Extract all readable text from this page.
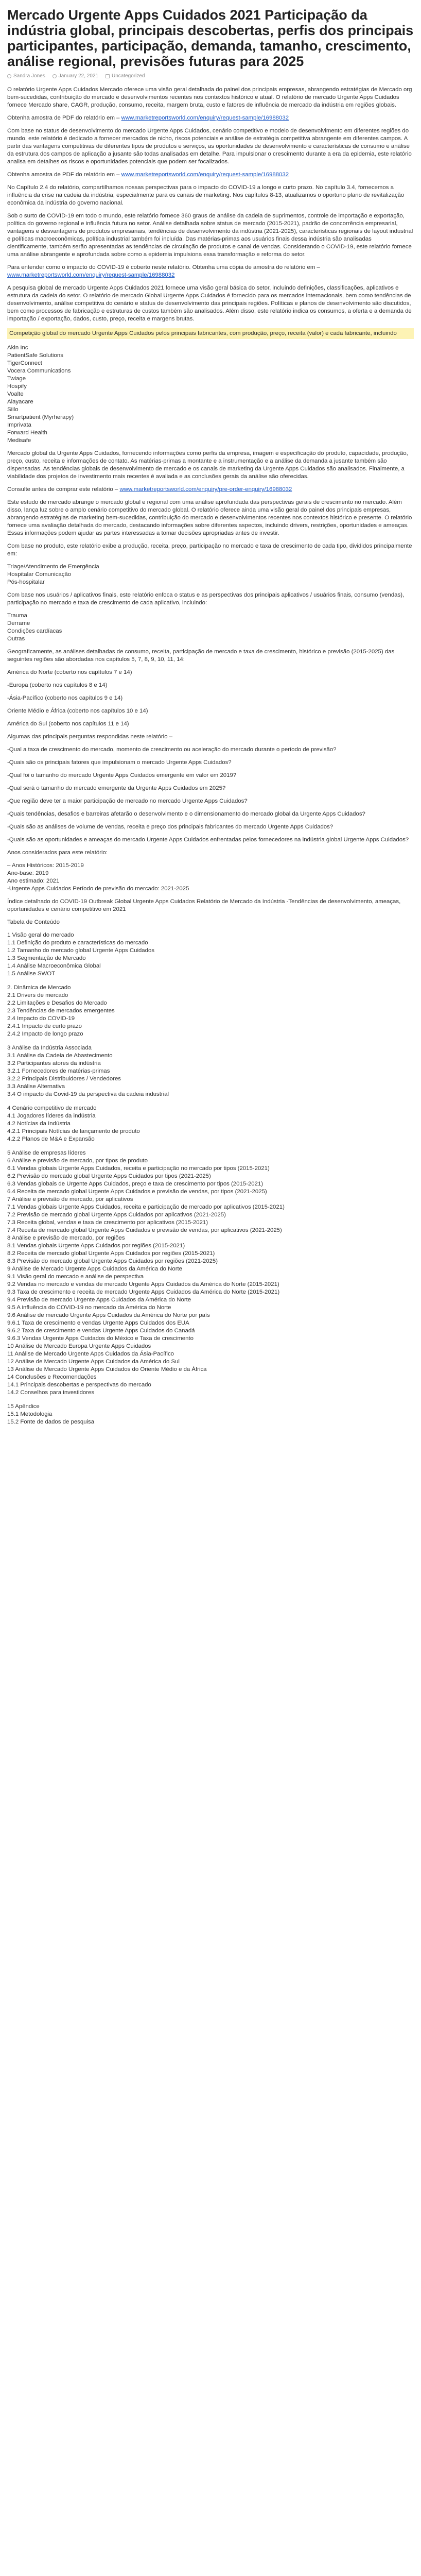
Mercado Urgente Apps Cuidados 2021 Participação da indústria global, principais descobertas, perfis dos principais participantes, participação, demanda, tamanho, crescimento, análise regional, previsões futuras para 2025
Sandra Jones	January 22, 2021	Uncategorized

O relatório Urgente Apps Cuidados Mercado oferece uma visão geral detalhada do painel dos principais empresas, abrangendo estratégias de Mercado org bem-sucedidas, contribuição do mercado e desenvolvimentos recentes nos contextos histórico e atual. O relatório de mercado Urgente Apps Cuidados fornece Mercado share, CAGR, produção, consumo, receita, margem bruta, custo e fatores de influência de mercado da indústria em regiões globais.

Obtenha amostra de PDF do relatório em – www.marketreportsworld.com/enquiry/request-sample/16988032

Com base no status de desenvolvimento do mercado Urgente Apps Cuidados, cenário competitivo e modelo de desenvolvimento em diferentes regiões do mundo, este relatório é dedicado a fornecer mercados de nicho, riscos potenciais e análise de estratégia competitiva abrangente em diferentes campos. A partir das vantagens competitivas de diferentes tipos de produtos e serviços, as oportunidades de desenvolvimento e características de consumo e análise da estrutura dos campos de aplicação a jusante são todas analisadas em detalhe. Para impulsionar o crescimento durante a era da epidemia, este relatório analisa em detalhes os riscos e oportunidades potenciais que podem ser focalizados.

Obtenha amostra de PDF do relatório em – www.marketreportsworld.com/enquiry/request-sample/16988032

No Capítulo 2.4 do relatório, compartilhamos nossas perspectivas para o impacto do COVID-19 a longo e curto prazo. No capítulo 3.4, fornecemos a influência da crise na cadeia da indústria, especialmente para os canais de marketing. Nos capítulos 8-13, atualizamos o oportuno plano de revitalização econômica da indústria do governo nacional.

Sob o surto de COVID-19 em todo o mundo, este relatório fornece 360 graus de análise da cadeia de suprimentos, controle de importação e exportação, política do governo regional e influência futura no setor. Análise detalhada sobre status de mercado (2015-2021), padrão de concorrência empresarial, vantagens e desvantagens de produtos empresariais, tendências de desenvolvimento da indústria (2021-2025), características regionais de layout industrial e políticas macroeconômicas, política industrial também foi incluída. Das matérias-primas aos usuários finais dessa indústria são analisadas cientificamente, também serão apresentadas as tendências de circulação de produtos e canal de vendas. Considerando o COVID-19, este relatório fornece uma análise abrangente e aprofundada sobre como a epidemia impulsiona essa transformação e reforma do setor.

Para entender como o impacto do COVID-19 é coberto neste relatório. Obtenha uma cópia de amostra do relatório em – www.marketreportsworld.com/enquiry/request-sample/16988032

A pesquisa global de mercado Urgente Apps Cuidados 2021 fornece uma visão geral básica do setor, incluindo definições, classificações, aplicativos e estrutura da cadeia do setor. O relatório de mercado Global Urgente Apps Cuidados é fornecido para os mercados internacionais, bem como tendências de desenvolvimento, análise competitiva do cenário e status de desenvolvimento das principais regiões. Políticas e planos de desenvolvimento são discutidos, bem como processos de fabricação e estruturas de custos também são analisados. Além disso, este relatório indica os consumos, a oferta e a demanda de importação / exportação, dados, custo, preço, receita e margens brutas.

Competição global do mercado Urgente Apps Cuidados pelos principais fabricantes, com produção, preço, receita (valor) e cada fabricante, incluindo
Akin Inc
PatientSafe Solutions
TigerConnect
Vocera Communications
Twiage
Hospify
Voalte
Alayacare
Siilo
Smartpatient (Myrherapy)
Imprivata
Forward Health
Medisafe

Mercado global da Urgente Apps Cuidados, fornecendo informações como perfis da empresa, imagem e especificação do produto, capacidade, produção, preço, custo, receita e informações de contato. As matérias-primas a montante e a instrumentação e a análise da demanda a jusante também são dispensadas. As tendências globais de desenvolvimento de mercado e os canais de marketing da Urgente Apps Cuidados são analisados. Finalmente, a viabilidade dos projetos de investimento mais recentes é avaliada e as conclusões gerais da análise são oferecidas.

Consulte antes de comprar este relatório – www.marketreportsworld.com/enquiry/pre-order-enquiry/16988032

Este estudo de mercado abrange o mercado global e regional com uma análise aprofundada das perspectivas gerais de crescimento no mercado. Além disso, lança luz sobre o amplo cenário competitivo do mercado global. O relatório oferece ainda uma visão geral do painel dos principais empresas, abrangendo estratégias de marketing bem-sucedidas, contribuição do mercado e desenvolvimentos recentes nos contextos histórico e presente. O relatório fornece uma avaliação detalhada do mercado, destacando informações sobre diferentes aspectos, incluindo drivers, restrições, oportunidades e ameaças. Essas informações podem ajudar as partes interessadas a tomar decisões apropriadas antes de investir.

Com base no produto, este relatório exibe a produção, receita, preço, participação no mercado e taxa de crescimento de cada tipo, divididos principalmente em:

Triage/Atendimento de Emergência
Hospitalar Comunicação
Pós-hospitalar

Com base nos usuários / aplicativos finais, este relatório enfoca o status e as perspectivas dos principais aplicativos / usuários finais, consumo (vendas), participação no mercado e taxa de crescimento de cada aplicativo, incluindo:

Trauma
Derrame
Condições cardíacas
Outras

Geograficamente, as análises detalhadas de consumo, receita, participação de mercado e taxa de crescimento, histórico e previsão (2015-2025) das seguintes regiões são abordadas nos capítulos 5, 7, 8, 9, 10, 11, 14:

América do Norte (coberto nos capítulos 7 e 14)

-Europa (coberto nos capítulos 8 e 14)

-Ásia-Pacífico (coberto nos capítulos 9 e 14)

Oriente Médio e África (coberto nos capítulos 10 e 14)

América do Sul (coberto nos capítulos 11 e 14)

Algumas das principais perguntas respondidas neste relatório –

-Qual a taxa de crescimento do mercado, momento de crescimento ou aceleração do mercado durante o período de previsão?

-Quais são os principais fatores que impulsionam o mercado Urgente Apps Cuidados?

-Qual foi o tamanho do mercado Urgente Apps Cuidados emergente em valor em 2019?

-Qual será o tamanho do mercado emergente da Urgente Apps Cuidados em 2025?

-Que região deve ter a maior participação de mercado no mercado Urgente Apps Cuidados?

-Quais tendências, desafios e barreiras afetarão o desenvolvimento e o dimensionamento do mercado global da Urgente Apps Cuidados?

-Quais são as análises de volume de vendas, receita e preço dos principais fabricantes do mercado Urgente Apps Cuidados?

-Quais são as oportunidades e ameaças do mercado Urgente Apps Cuidados enfrentadas pelos fornecedores na indústria global Urgente Apps Cuidados?

Anos considerados para este relatório:

– Anos Históricos: 2015-2019
Ano-base: 2019
Ano estimado: 2021
-Urgente Apps Cuidados Período de previsão do mercado: 2021-2025

Índice detalhado do COVID-19 Outbreak Global Urgente Apps Cuidados Relatório de Mercado da Indústria -Tendências de desenvolvimento, ameaças, oportunidades e cenário competitivo em 2021

Tabela de Conteúdo

1 Visão geral do mercado

1.1 Definição do produto e características do mercado

1.2 Tamanho do mercado global Urgente Apps Cuidados

1.3 Segmentação de Mercado

1.4 Análise Macroeconômica Global

1.5 Análise SWOT

2. Dinâmica de Mercado

2.1 Drivers de mercado

2.2 Limitações e Desafios do Mercado

2.3 Tendências de mercados emergentes

2.4 Impacto do COVID-19

2.4.1 Impacto de curto prazo

2.4.2 Impacto de longo prazo

3 Análise da Indústria Associada

3.1 Análise da Cadeia de Abastecimento

3.2 Participantes atores da indústria

3.2.1 Fornecedores de matérias-primas

3.2.2 Principais Distribuidores / Vendedores

3.3 Análise Alternativa

3.4 O impacto da Covid-19 da perspectiva da cadeia industrial

4 Cenário competitivo de mercado

4.1 Jogadores líderes da indústria

4.2 Notícias da Indústria

4.2.1 Principais Notícias de lançamento de produto

4.2.2 Planos de M&A e Expansão

5 Análise de empresas líderes

6 Análise e previsão de mercado, por tipos de produto

6.1 Vendas globais Urgente Apps Cuidados, receita e participação no mercado por tipos (2015-2021)

6.2 Previsão do mercado global Urgente Apps Cuidados por tipos (2021-2025)

6.3 Vendas globais de Urgente Apps Cuidados, preço e taxa de crescimento por tipos (2015-2021)

6.4 Receita de mercado global Urgente Apps Cuidados e previsão de vendas, por tipos (2021-2025)

7 Análise e previsão de mercado, por aplicativos

7.1 Vendas globais Urgente Apps Cuidados, receita e participação de mercado por aplicativos (2015-2021)

7.2 Previsão de mercado global Urgente Apps Cuidados por aplicativos (2021-2025)

7.3 Receita global, vendas e taxa de crescimento por aplicativos (2015-2021)

7.4 Receita de mercado global Urgente Apps Cuidados e previsão de vendas, por aplicativos (2021-2025)

8 Análise e previsão de mercado, por regiões

8.1 Vendas globais Urgente Apps Cuidados por regiões (2015-2021)

8.2 Receita de mercado global Urgente Apps Cuidados por regiões (2015-2021)

8.3 Previsão do mercado global Urgente Apps Cuidados por regiões (2021-2025)

9 Análise de Mercado Urgente Apps Cuidados da América do Norte

9.1 Visão geral do mercado e análise de perspectiva

9.2 Vendas no mercado e vendas de mercado Urgente Apps Cuidados da América do Norte (2015-2021)

9.3 Taxa de crescimento e receita de mercado Urgente Apps Cuidados da América do Norte (2015-2021)

9.4 Previsão de mercado Urgente Apps Cuidados da América do Norte

9.5 A influência do COVID-19 no mercado da América do Norte

9.6 Análise de mercado Urgente Apps Cuidados da América do Norte por país

9.6.1 Taxa de crescimento e vendas Urgente Apps Cuidados dos EUA

9.6.2 Taxa de crescimento e vendas Urgente Apps Cuidados do Canadá

9.6.3 Vendas Urgente Apps Cuidados do México e Taxa de crescimento

10 Análise de Mercado Europa Urgente Apps Cuidados

11 Análise de Mercado Urgente Apps Cuidados da Ásia-Pacífico

12 Análise de Mercado Urgente Apps Cuidados da América do Sul

13 Análise de Mercado Urgente Apps Cuidados do Oriente Médio e da África

14 Conclusões e Recomendações

14.1 Principais descobertas e perspectivas do mercado

14.2 Conselhos para investidores

15 Apêndice

15.1 Metodologia

15.2 Fonte de dados de pesquisa
